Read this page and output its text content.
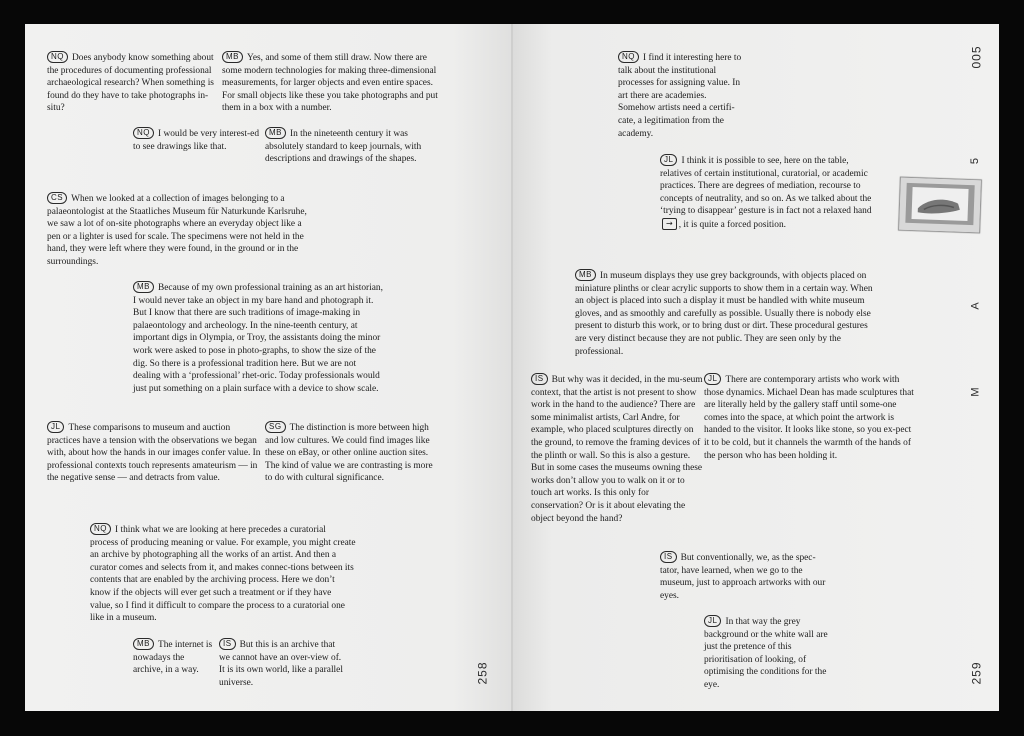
NQ Does anybody know something about the procedures of documenting professional archaeological research? When something is found do they have to take photographs in-situ?

MB Yes, and some of them still draw. Now there are some modern technologies for making three-dimensional measurements, for larger objects and even entire spaces. For small objects like these you take photographs and put them in a box with a number.

NQ I would be very interest-ed to see drawings like that.

MB In the nineteenth century it was absolutely standard to keep journals, with descriptions and drawings of the shapes.

CS When we looked at a collection of images belonging to a palaeontologist at the Staatliches Museum für Naturkunde Karlsruhe, we saw a lot of on-site photographs where an everyday object like a pen or a lighter is used for scale. The specimens were not held in the hand, they were left where they were found, in the ground or in the surroundings.

MB Because of my own professional training as an art historian, I would never take an object in my bare hand and photograph it. But I know that there are such traditions of image-making in palaeontology and archeology. In the nine-teenth century, at important digs in Olympia, or Troy, the assistants doing the minor work were asked to pose in photo-graphs, to show the size of the dig. So there is a professional tradition here. But we are not dealing with a ‘professional’ rhet-oric. Today professionals would just put something on a plain surface with a device to show scale.

JL These comparisons to museum and auction practices have a tension with the observations we began with, about how the hands in our images confer value. In professional contexts touch represents amateurism — in the negative sense — and detracts from value.

SG The distinction is more between high and low cultures. We could find images like these on eBay, or other online auction sites. The kind of value we are contrasting is more to do with cultural significance.

NQ I think what we are looking at here precedes a curatorial process of producing meaning or value. For example, you might create an archive by photographing all the works of an artist. And then a curator comes and selects from it, and makes connec-tions between its contents that are enabled by the archiving process. Here we don’t know if the objects will ever get such a treatment or if they have value, so I find it difficult to compare the process to a curatorial one like in a museum.

MB The internet is nowadays the archive, in a way.

IS But this is an archive that we cannot have an over-view of. It is its own world, like a parallel universe.	258

NQ I find it interesting here to talk about the institutional processes for assigning value. In art there are academies. Somehow artists need a certifi-cate, a legitimation from the academy.

JL I think it is possible to see, here on the table, relatives of certain institutional, curatorial, or academic practices. There are degrees of mediation, recourse to concepts of neutrality, and so on. As we talked about the ‘trying to disappear’ gesture is in fact not a relaxed hand→ , it is quite a forced position.

MB In museum displays they use grey backgrounds, with objects placed on miniature plinths or clear acrylic supports to show them in a certain way. When an object is placed into such a display it must be handled with white museum gloves, and as smoothly and carefully as possible. Usually there is nobody else present to disturb this work, or to bring dust or dirt. These procedural gestures are very distinct because they are not public. They are seen only by the professional.

IS But why was it decided, in the mu-seum context, that the artist is not present to show work in the hand to the audience? There are some minimalist artists, Carl Andre, for example, who placed sculptures directly on the ground, to remove the framing devices of the plinth or wall. So this is also a gesture. But in some cases the museums owning these works don’t allow you to walk on it or to touch art works. Is this only for conservation? Or is it about elevating the object beyond the hand?

JL There are contemporary artists who work with those dynamics. Michael Dean has made sculptures that are literally held by the gallery staff until some-one comes into the space, at which point the artwork is handed to the visitor. It looks like stone, so you ex-pect it to be cold, but it channels the warmth of the hands of the person who has been holding it.

IS But conventionally, we, as the spec-tator, have learned, when we go to the museum, just to approach artworks with our eyes.

JL In that way the grey background or the white wall are just the pretence of this prioritisation of looking, of optimising the conditions for the eye.

005
5
A
M
259
